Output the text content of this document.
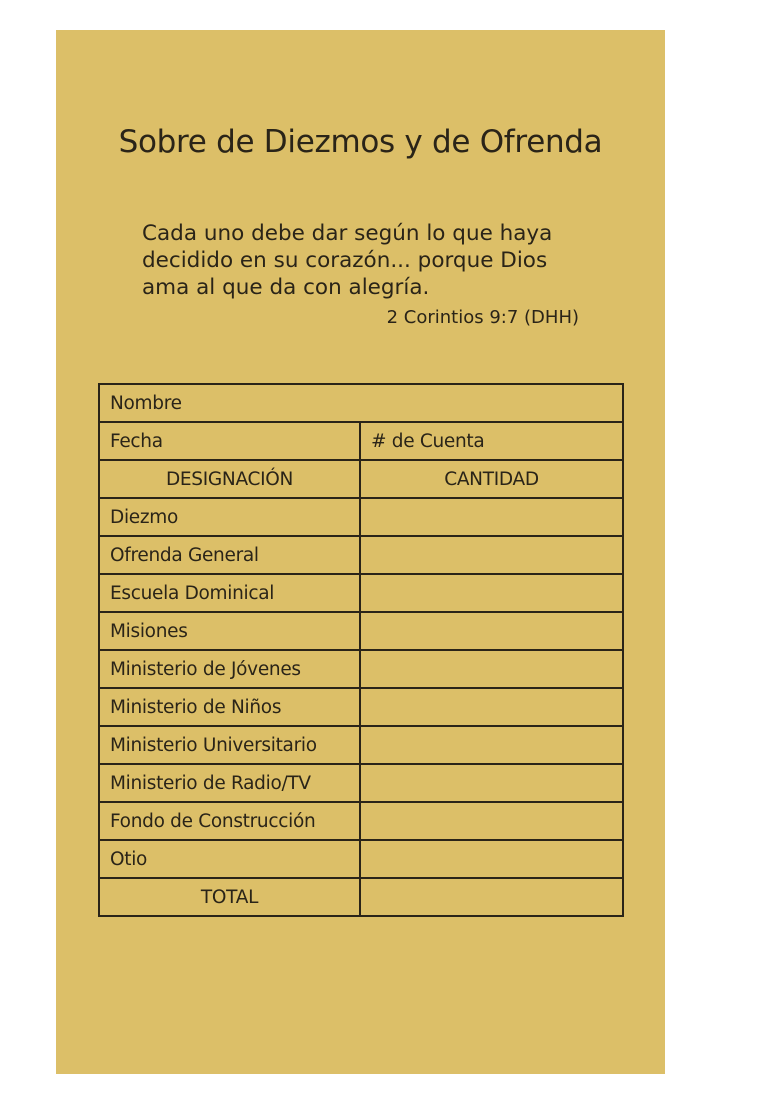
Sobre de Diezmos y de Ofrenda
Cada uno debe dar según lo que haya
decidido en su corazón... porque Dios
ama al que da con alegría.
2 Corintios 9:7 (DHH)
Nombre	
Fecha	# de Cuenta
DESIGNACIÓN	CANTIDAD
Diezmo	
Ofrenda General	
Escuela Dominical	
Misiones	
Ministerio de Jóvenes	
Ministerio de Niños	
Ministerio Universitario	
Ministerio de Radio/TV	
Fondo de Construcción	
Otio	
TOTAL	
